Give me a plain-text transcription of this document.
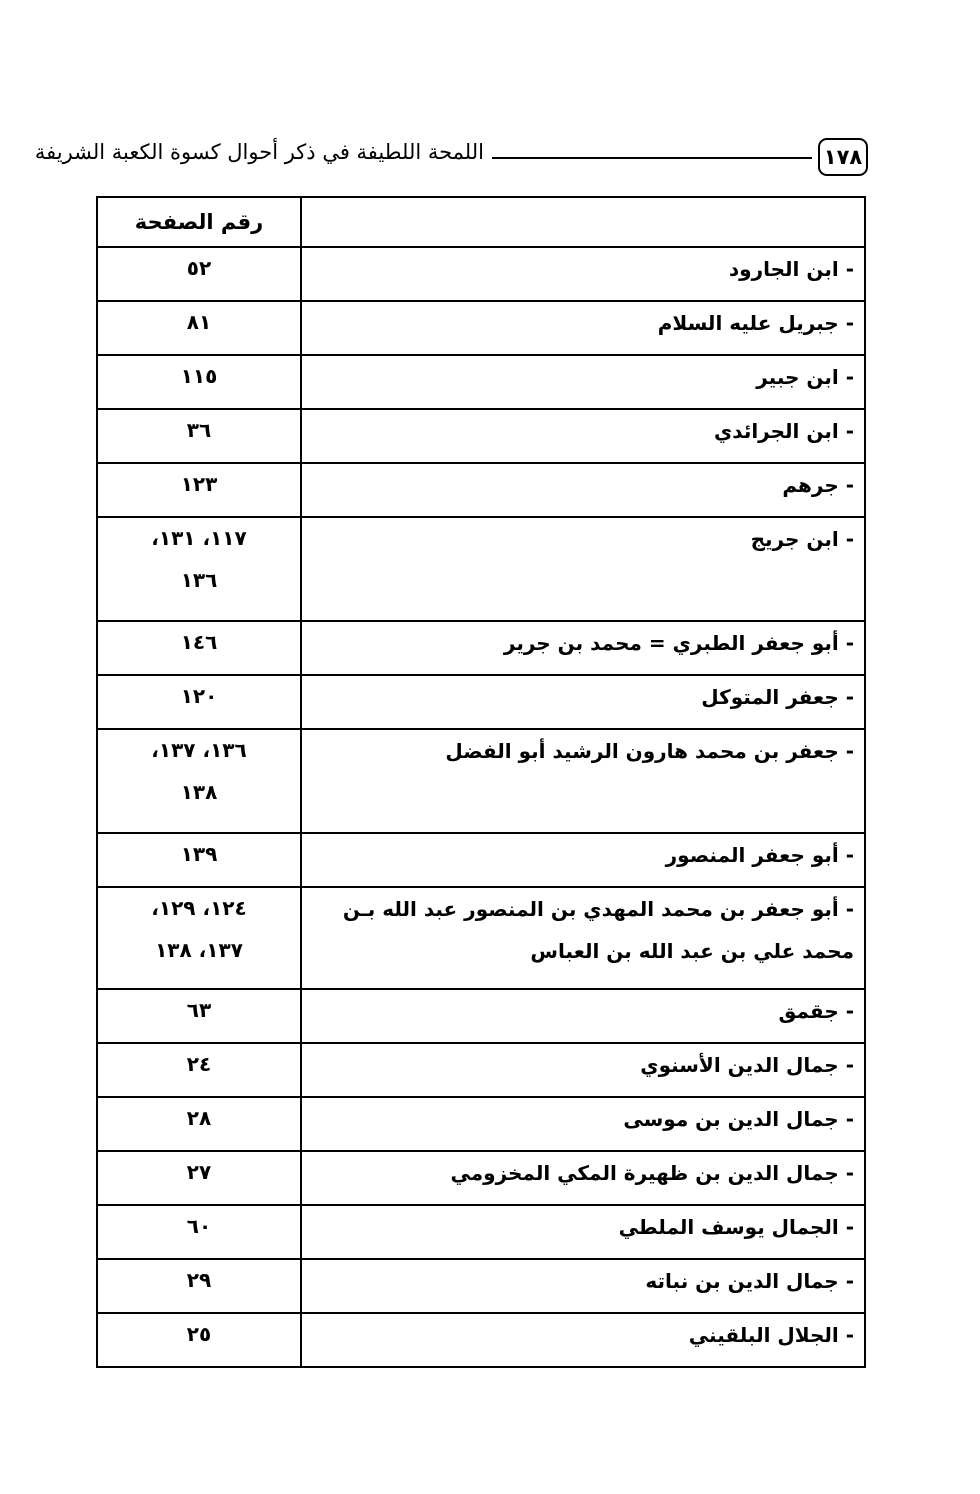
١٧٨
اللمحة اللطيفة في ذكر أحوال كسوة الكعبة الشريفة
	رقم الصفحة

- ابن الجارود	٥٢

- جبريل عليه السلام	٨١

- ابن جبير	١١٥

- ابن الجرائدي	٣٦

- جرهم	١٢٣

- ابن جريج	١١٧، ١٣١،
١٣٦

- أبو جعفر الطبري = محمد بن جرير	١٤٦

- جعفر المتوكل	١٢٠

- جعفر بن محمد هارون الرشيد أبو الفضل	١٣٦، ١٣٧،
١٣٨

- أبو جعفر المنصور	١٣٩

- أبو جعفر بن محمد المهدي بن المنصور عبد الله بـن
محمد علي بن عبد الله بن العباس	١٢٤، ١٢٩،
١٣٧، ١٣٨

- جقمق	٦٣

- جمال الدين الأسنوي	٢٤

- جمال الدين بن موسى	٢٨

- جمال الدين بن ظهيرة المكي المخزومي	٢٧

- الجمال يوسف الملطي	٦٠

- جمال الدين بن نباته	٢٩

- الجلال البلقيني	٢٥
